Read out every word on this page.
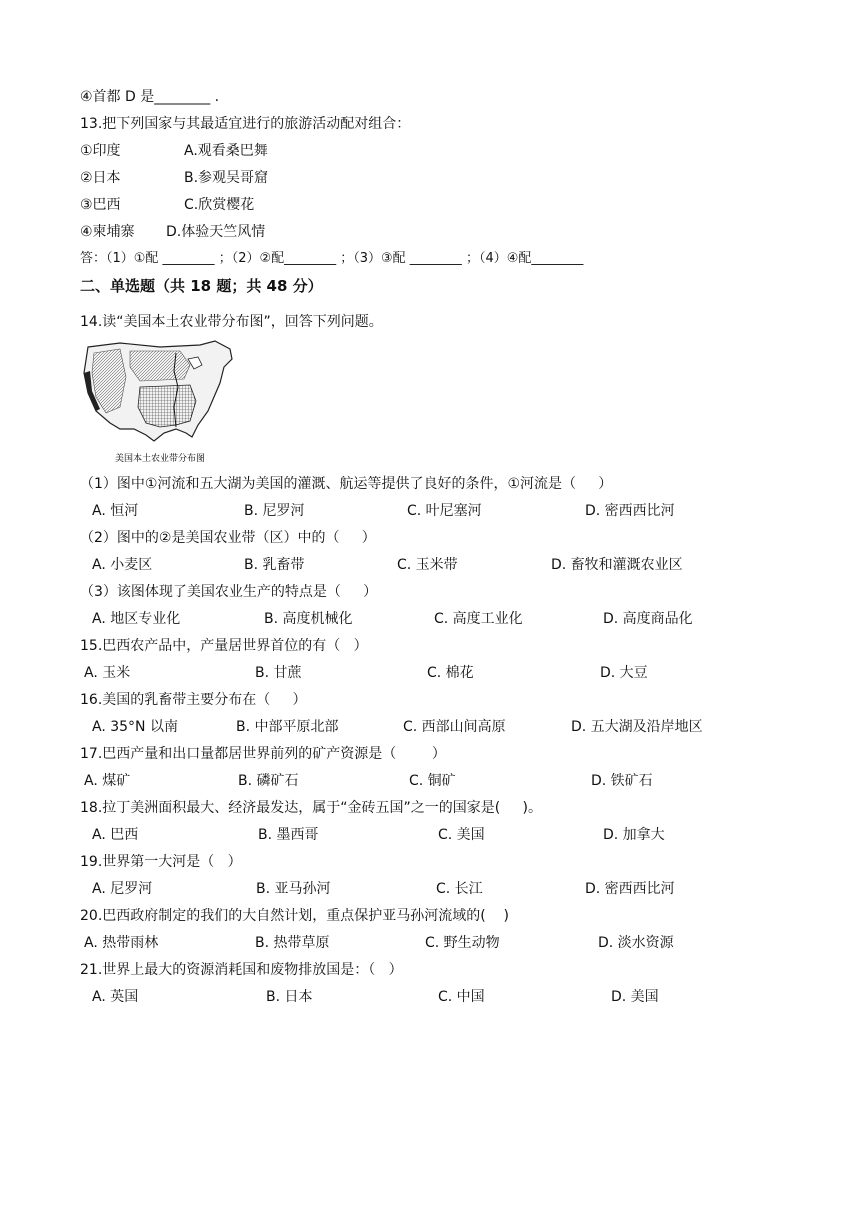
④首都 D 是________ .
13.把下列国家与其最适宜进行的旅游活动配对组合：
①印度	A.观看桑巴舞
②日本	B.参观吴哥窟
③巴西	C.欣赏樱花
④柬埔寨 D.体验天竺风情
答：（1）①配 ________ ；（2）②配________ ；（3）③配 ________ ；（4）④配________
二、单选题（共 18 题；共 48 分）
14.读“美国本土农业带分布图”，回答下列问题。
美国本土农业带分布图
（1）图中①河流和五大湖为美国的灌溉、航运等提供了良好的条件，①河流是（     ）
A. 恒河	B. 尼罗河	C. 叶尼塞河	D. 密西西比河
（2）图中的②是美国农业带（区）中的（     ）
A. 小麦区	B. 乳畜带	C. 玉米带	D. 畜牧和灌溉农业区
（3）该图体现了美国农业生产的特点是（     ）
A. 地区专业化	B. 高度机械化	C. 高度工业化	D. 高度商品化
15.巴西农产品中，产量居世界首位的有（   ）
A. 玉米	B. 甘蔗	C. 棉花	D. 大豆
16.美国的乳畜带主要分布在（     ）
A. 35°N 以南	B. 中部平原北部	C. 西部山间高原	D. 五大湖及沿岸地区
17.巴西产量和出口量都居世界前列的矿产资源是（        ）
A. 煤矿	B. 磷矿石	C. 铜矿	D. 铁矿石
18.拉丁美洲面积最大、经济最发达，属于“金砖五国”之一的国家是(     )。
A. 巴西	B. 墨西哥	C. 美国	D. 加拿大
19.世界第一大河是（   ）
A. 尼罗河	B. 亚马孙河	C. 长江	D. 密西西比河
20.巴西政府制定的我们的大自然计划，重点保护亚马孙河流域的(    )
A. 热带雨林	B. 热带草原	C. 野生动物	D. 淡水资源
21.世界上最大的资源消耗国和废物排放国是：（   ）
A. 英国	B. 日本	C. 中国	D. 美国
